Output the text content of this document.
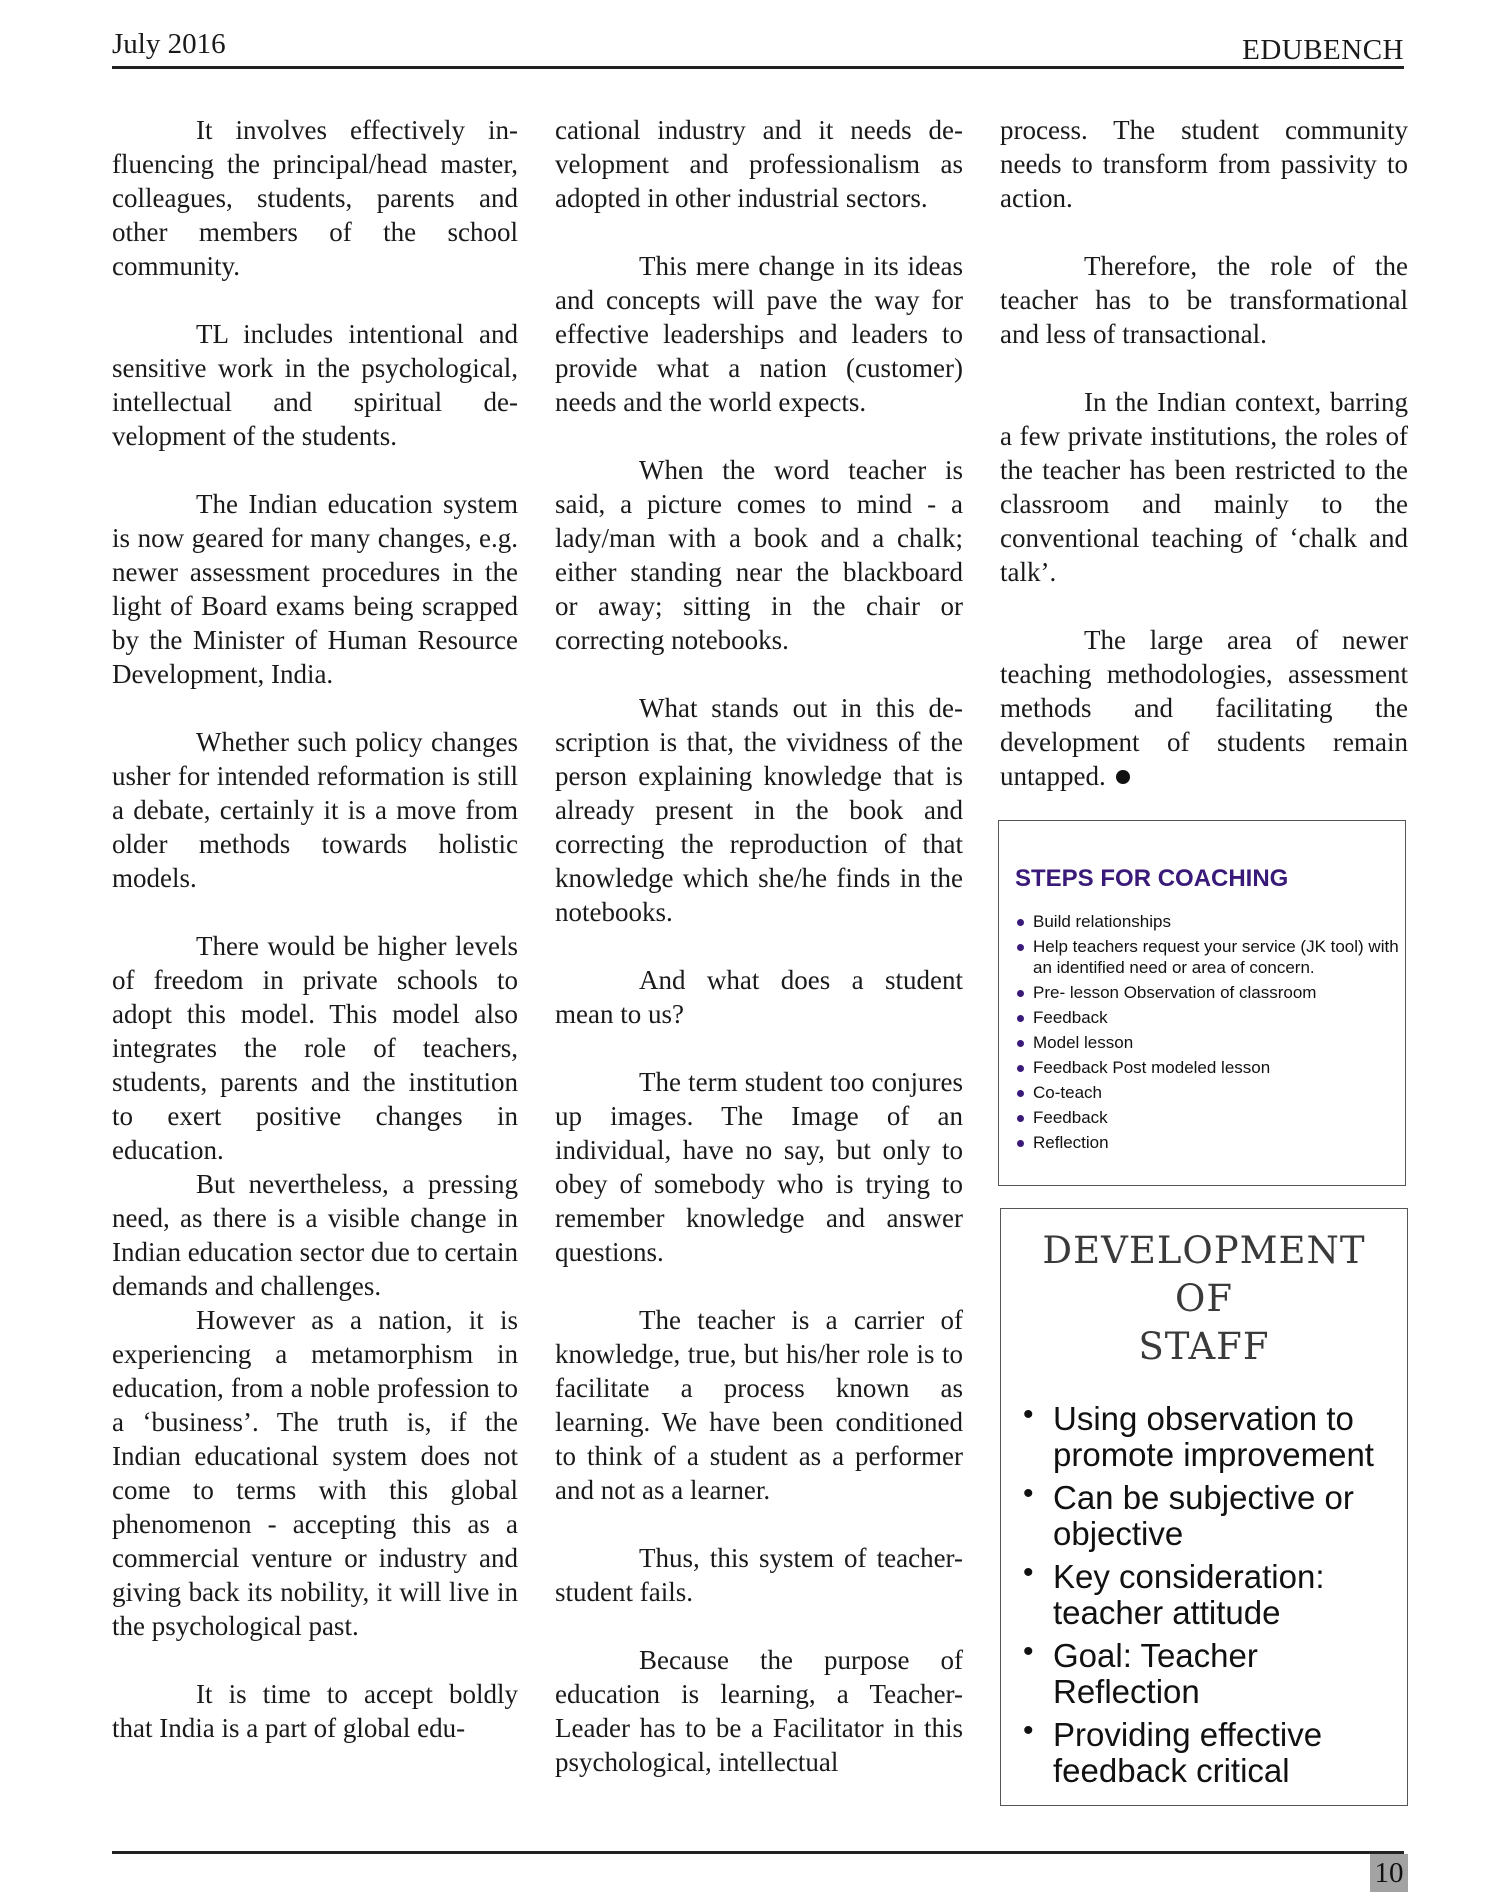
July 2016	EDUBENCH

It involves effectively influencing the principal/head master, colleagues, students, parents and other members of the school community.

TL includes intentional and sensitive work in the psychological, intellectual and spiritual development of the students.

The Indian education system is now geared for many changes, e.g. newer assessment procedures in the light of Board exams being scrapped by the Minister of Human Resource Development, India.

Whether such policy changes usher for intended reformation is still a debate, certainly it is a move from older methods towards holistic models.

There would be higher levels of freedom in private schools to adopt this model. This model also integrates the role of teachers, students, parents and the institution to exert positive changes in education.

But nevertheless, a pressing need, as there is a visible change in Indian education sector due to certain demands and challenges.

However as a nation, it is experiencing a metamorphism in education, from a noble profession to a ‘business’. The truth is, if the Indian educational system does not come to terms with this global phenomenon - accepting this as a commercial venture or industry and giving back its nobility, it will live in the psychological past.

It is time to accept boldly that India is a part of global edu-

cational industry and it needs development and professionalism as adopted in other industrial sectors.

This mere change in its ideas and concepts will pave the way for effective leaderships and leaders to provide what a nation (customer) needs and the world expects.

When the word teacher is said, a picture comes to mind - a lady/man with a book and a chalk; either standing near the blackboard or away; sitting in the chair or correcting notebooks.

What stands out in this description is that, the vividness of the person explaining knowledge that is already present in the book and correcting the reproduction of that knowledge which she/he finds in the notebooks.

And what does a student mean to us?

The term student too conjures up images. The Image of an individual, have no say, but only to obey of somebody who is trying to remember knowledge and answer questions.

The teacher is a carrier of knowledge, true, but his/her role is to facilitate a process known as learning. We have been conditioned to think of a student as a performer and not as a learner.

Thus, this system of teacher-student fails.

Because the purpose of education is learning, a Teacher-Leader has to be a Facilitator in this psychological, intellectual

process. The student community needs to transform from passivity to action.

Therefore, the role of the teacher has to be transformational and less of transactional.

In the Indian context, barring a few private institutions, the roles of the teacher has been restricted to the classroom and mainly to the conventional teaching of ‘chalk and talk’.

The large area of newer teaching methodologies, assessment methods and facilitating the development of students remain untapped.

STEPS FOR COACHING
Build relationships
Help teachers request your service (JK tool) with an identified need or area of concern.
Pre- lesson Observation of classroom
Feedback
Model lesson
Feedback Post modeled lesson
Co-teach
Feedback
Reflection
DEVELOPMENT
OF
STAFF
• Using observation to promote improvement
• Can be subjective or objective
• Key consideration: teacher attitude
• Goal: Teacher Reflection
• Providing effective feedback critical
10
